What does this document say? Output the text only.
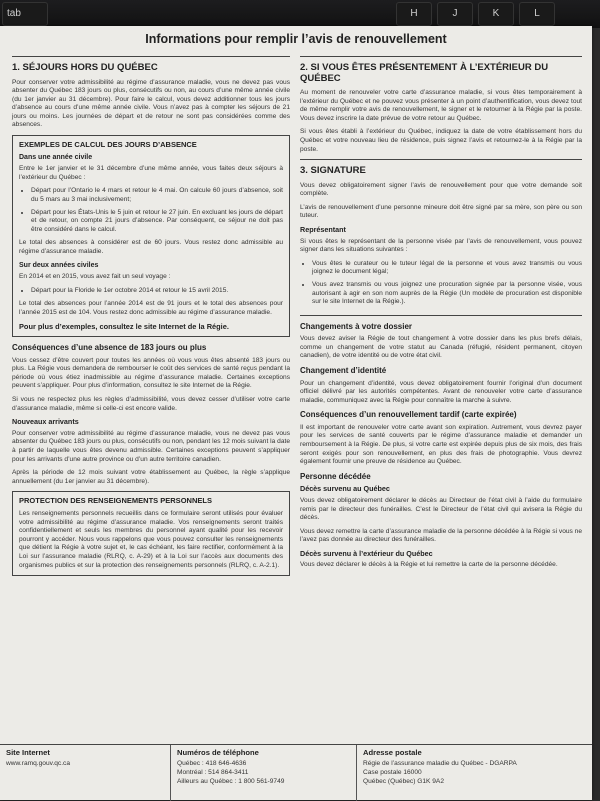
tab	H	J	K	L
Informations pour remplir l’avis de renouvellement
1. SÉJOURS HORS DU QUÉBEC

Pour conserver votre admissibilité au régime d’assurance maladie, vous ne devez pas vous absenter du Québec 183 jours ou plus, consécutifs ou non, au cours d’une même année civile (du 1er janvier au 31 décembre). Pour faire le calcul, vous devez additionner tous les jours d’absence au cours d’une même année civile. Vous n’avez pas à compter les séjours de 21 jours ou moins. Les journées de départ et de retour ne sont pas considérées comme des absences.

EXEMPLES DE CALCUL DES JOURS D’ABSENCE
Dans une année civile

Entre le 1er janvier et le 31 décembre d’une même année, vous faites deux séjours à l’extérieur du Québec :

• Départ pour l’Ontario le 4 mars et retour le 4 mai. On calcule 60 jours d’absence, soit du 5 mars au 3 mai inclusivement;
• Départ pour les États-Unis le 5 juin et retour le 27 juin. En excluant les jours de départ et de retour, on compte 21 jours d’absence. Par conséquent, ce séjour ne doit pas être considéré dans le calcul.

Le total des absences à considérer est de 60 jours. Vous restez donc admissible au régime d’assurance maladie.

Sur deux années civiles

En 2014 et en 2015, vous avez fait un seul voyage :

• Départ pour la Floride le 1er octobre 2014 et retour le 15 avril 2015.

Le total des absences pour l’année 2014 est de 91 jours et le total des absences pour l’année 2015 est de 104. Vous restez donc admissible au régime d’assurance maladie.

Pour plus d’exemples, consultez le site Internet de la Régie.
Conséquences d’une absence de 183 jours ou plus

Vous cessez d’être couvert pour toutes les années où vous vous êtes absenté 183 jours ou plus. La Régie vous demandera de rembourser le coût des services de santé reçus pendant la période où vous étiez inadmissible au régime d’assurance maladie. Certaines exceptions peuvent s’appliquer. Pour plus d’information, consultez le site Internet de la Régie.

Si vous ne respectez plus les règles d’admissibilité, vous devez cesser d’utiliser votre carte d’assurance maladie, même si celle-ci est encore valide.

Nouveaux arrivants

Pour conserver votre admissibilité au régime d’assurance maladie, vous ne devez pas vous absenter du Québec 183 jours ou plus, consécutifs ou non, pendant les 12 mois suivant la date à partir de laquelle vous êtes devenu admissible. Certaines exceptions peuvent s’appliquer pour les arrivants d’une autre province ou d’un autre territoire canadien.

Après la période de 12 mois suivant votre établissement au Québec, la règle s’applique annuellement (du 1er janvier au 31 décembre).

PROTECTION DES RENSEIGNEMENTS PERSONNELS

Les renseignements personnels recueillis dans ce formulaire seront utilisés pour évaluer votre admissibilité au régime d’assurance maladie. Vos renseignements seront traités confidentiellement et seuls les membres du personnel ayant qualité pour les recevoir pourront y accéder. Nous vous rappelons que vous pouvez consulter les renseignements que détient la Régie à votre sujet et, le cas échéant, les faire rectifier, conformément à la Loi sur l’assurance maladie (RLRQ, c. A-29) et à la Loi sur l’accès aux documents des organismes publics et sur la protection des renseignements personnels (RLRQ, c. A-2.1).

2. SI VOUS ÊTES PRÉSENTEMENT À L’EXTÉRIEUR DU QUÉBEC

Au moment de renouveler votre carte d’assurance maladie, si vous êtes temporairement à l’extérieur du Québec et ne pouvez vous présenter à un point d’authentification, vous devez tout de même remplir votre avis de renouvellement, le signer et le retourner à la Régie par la poste. Vous devez inscrire la date prévue de votre retour au Québec.

Si vous êtes établi à l’extérieur du Québec, indiquez la date de votre établissement hors du Québec et votre nouveau lieu de résidence, puis signez l’avis et retournez-le à la Régie par la poste.

3. SIGNATURE

Vous devez obligatoirement signer l’avis de renouvellement pour que votre demande soit complète.

L’avis de renouvellement d’une personne mineure doit être signé par sa mère, son père ou son tuteur.

Représentant

Si vous êtes le représentant de la personne visée par l’avis de renouvellement, vous pouvez signer dans les situations suivantes :

• Vous êtes le curateur ou le tuteur légal de la personne et vous avez transmis ou vous joignez le document légal;
• Vous avez transmis ou vous joignez une procuration signée par la personne visée, vous autorisant à agir en son nom auprès de la Régie (Un modèle de procuration est disponible sur le site Internet de la Régie.).
Changements à votre dossier

Vous devez aviser la Régie de tout changement à votre dossier dans les plus brefs délais, comme un changement de votre statut au Canada (réfugié, résident permanent, citoyen canadien), de votre identité ou de votre état civil.

Changement d’identité

Pour un changement d’identité, vous devez obligatoirement fournir l’original d’un document officiel délivré par les autorités compétentes. Avant de renouveler votre carte d’assurance maladie, communiquez avec la Régie pour connaître la marche à suivre.

Conséquences d’un renouvellement tardif (carte expirée)

Il est important de renouveler votre carte avant son expiration. Autrement, vous devrez payer pour les services de santé couverts par le régime d’assurance maladie et demander un remboursement à la Régie. De plus, si votre carte est expirée depuis plus de six mois, des frais seront exigés pour son renouvellement, en plus des frais de photographie. Vous devrez également fournir une preuve de résidence au Québec.

Personne décédée
Décès survenu au Québec

Vous devez obligatoirement déclarer le décès au Directeur de l’état civil à l’aide du formulaire remis par le directeur des funérailles. C’est le Directeur de l’état civil qui avisera la Régie du décès.

Vous devez remettre la carte d’assurance maladie de la personne décédée à la Régie si vous ne l’avez pas donnée au directeur des funérailles.

Décès survenu à l’extérieur du Québec

Vous devez déclarer le décès à la Régie et lui remettre la carte de la personne décédée.

Site Internet
www.ramq.gouv.qc.ca
Numéros de téléphone
Québec : 418 646-4636
Montréal : 514 864-3411
Ailleurs au Québec : 1 800 561-9749
Adresse postale
Régie de l’assurance maladie du Québec - DGARPA
Case postale 16000
Québec (Québec) G1K 9A2
